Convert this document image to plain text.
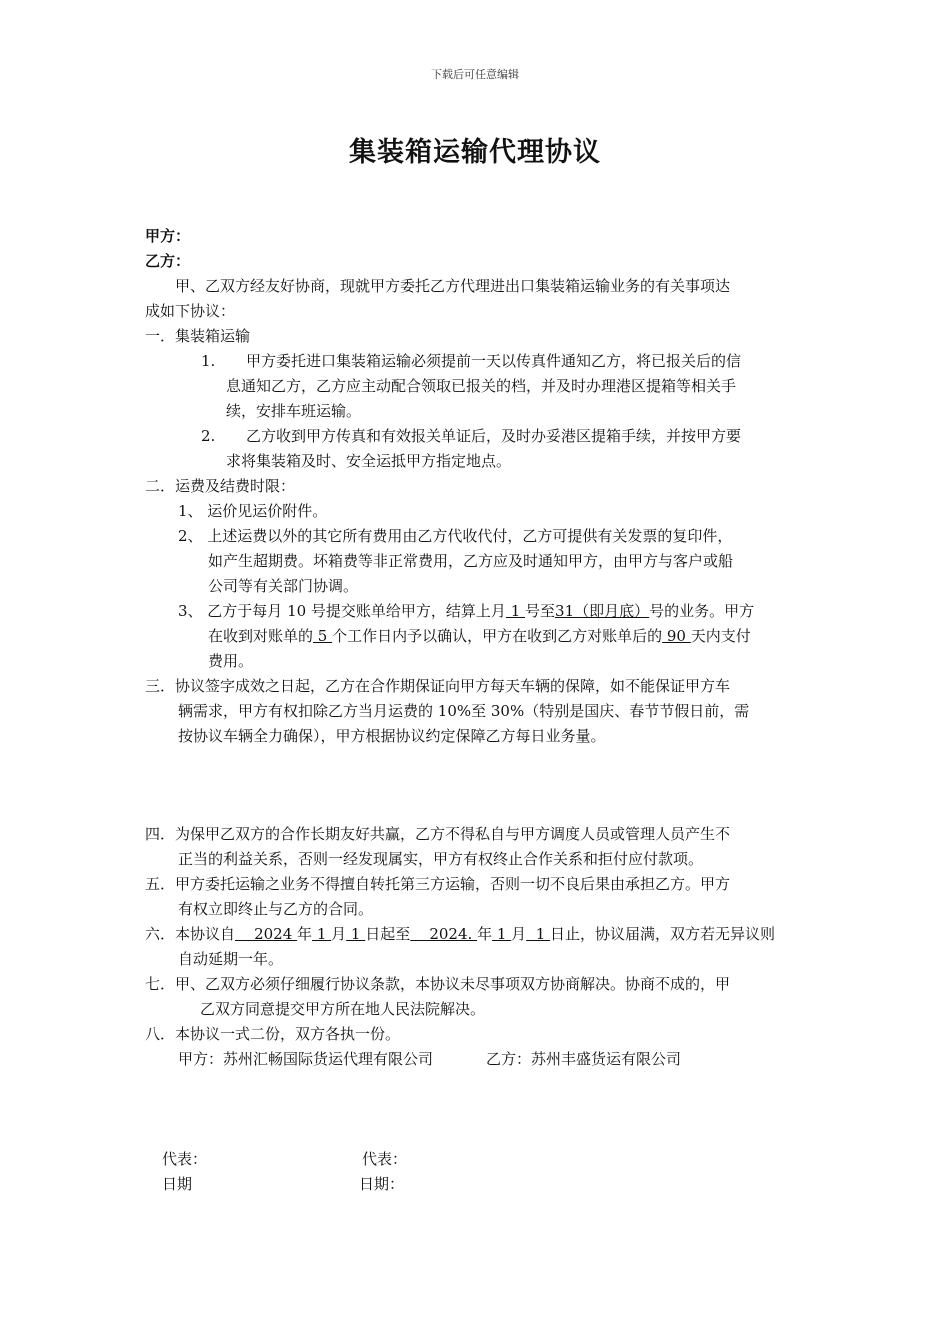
下载后可任意编辑
集装箱运输代理协议
甲方：
乙方：
甲、乙双方经友好协商，现就甲方委托乙方代理进出口集装箱运输业务的有关事项达
成如下协议：
一．集装箱运输
1. 甲方委托进口集装箱运输必须提前一天以传真件通知乙方，将已报关后的信
息通知乙方，乙方应主动配合领取已报关的档，并及时办理港区提箱等相关手
续，安排车班运输。
2. 乙方收到甲方传真和有效报关单证后，及时办妥港区提箱手续，并按甲方要
求将集装箱及时、安全运抵甲方指定地点。
二．运费及结费时限：
1、 运价见运价附件。
2、 上述运费以外的其它所有费用由乙方代收代付，乙方可提供有关发票的复印件，
如产生超期费。坏箱费等非正常费用，乙方应及时通知甲方，由甲方与客户或船
公司等有关部门协调。
3、 乙方于每月 10 号提交账单给甲方，结算上月 1 号至31（即月底）号的业务。甲方
在收到对账单的 5 个工作日内予以确认，甲方在收到乙方对账单后的 90 天内支付
费用。
三．协议签字成效之日起，乙方在合作期保证向甲方每天车辆的保障，如不能保证甲方车
辆需求，甲方有权扣除乙方当月运费的 10%至 30%（特别是国庆、春节节假日前，需
按协议车辆全力确保），甲方根据协议约定保障乙方每日业务量。
四．为保甲乙双方的合作长期友好共赢，乙方不得私自与甲方调度人员或管理人员产生不
正当的利益关系，否则一经发现属实，甲方有权终止合作关系和拒付应付款项。
五．甲方委托运输之业务不得擅自转托第三方运输，否则一切不良后果由承担乙方。甲方
有权立即终止与乙方的合同。
六．本协议自    2024 年 1 月 1 日起至    2024. 年 1 月  1 日止，协议届满，双方若无异议则
自动延期一年。
七．甲、乙双方必须仔细履行协议条款，本协议未尽事项双方协商解决。协商不成的，甲
乙双方同意提交甲方所在地人民法院解决。
八．本协议一式二份，双方各执一份。
甲方：苏州汇畅国际货运代理有限公司	乙方：苏州丰盛货运有限公司
代表：	代表：
日期	日期：
